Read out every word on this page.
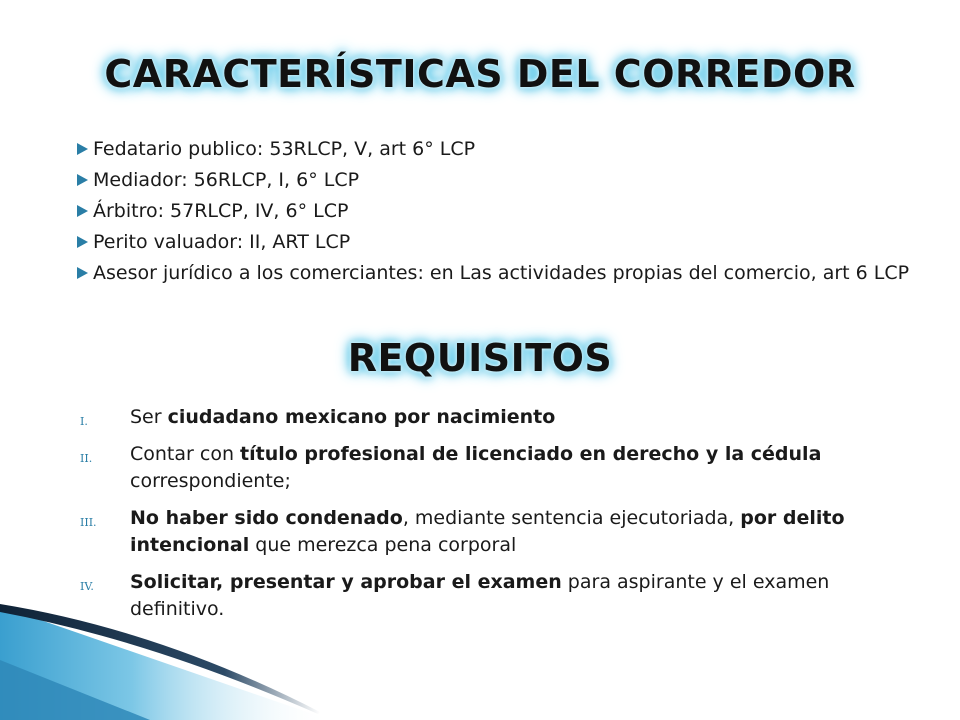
CARACTERÍSTICAS DEL CORREDOR
Fedatario publico: 53RLCP, V, art 6° LCP
Mediador: 56RLCP, I, 6° LCP
Árbitro: 57RLCP, IV, 6° LCP
Perito valuador: II, ART LCP
Asesor jurídico a los comerciantes: en Las actividades propias del comercio, art 6 LCP
REQUISITOS
I. Ser ciudadano mexicano por nacimiento
II. Contar con título profesional de licenciado en derecho y la cédula correspondiente;
III. No haber sido condenado, mediante sentencia ejecutoriada, por delito intencional que merezca pena corporal
IV. Solicitar, presentar y aprobar el examen para aspirante y el examen definitivo.
